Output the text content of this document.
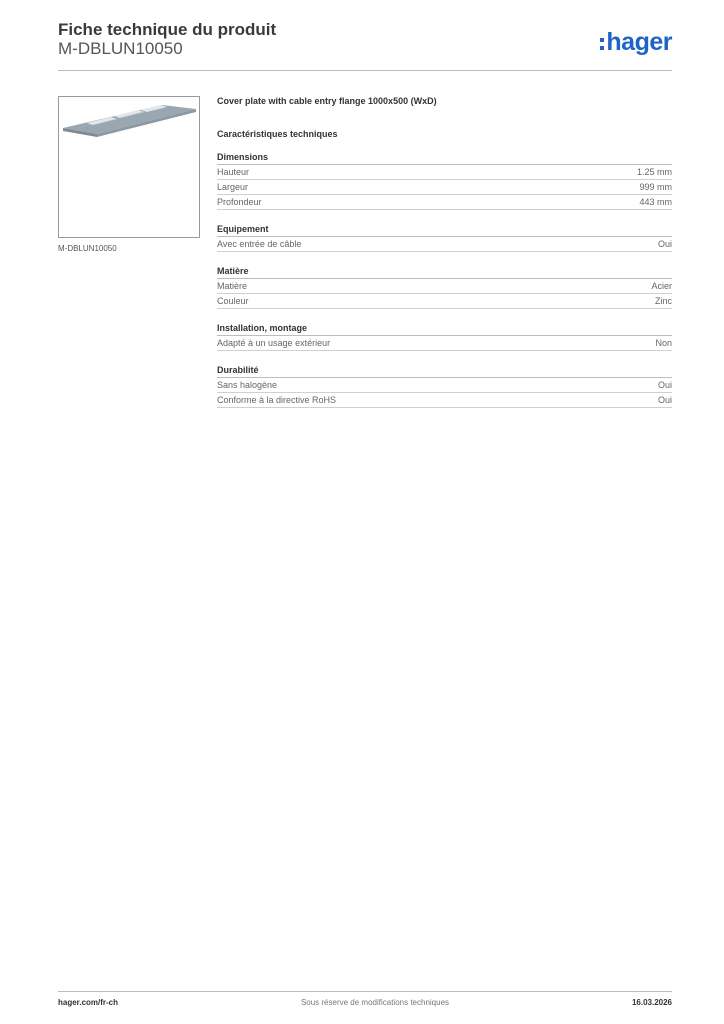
Fiche technique du produit
M-DBLUN10050	hager
M-DBLUN10050
Cover plate with cable entry flange 1000x500 (WxD)
Caractéristiques techniques
Dimensions
Hauteur	1.25 mm
Largeur	999 mm
Profondeur	443 mm
Equipement
Avec entrée de câble	Oui
Matière
Matière	Acier
Couleur	Zinc
Installation, montage
Adapté à un usage extérieur	Non
Durabilité
Sans halogène	Oui
Conforme à la directive RoHS	Oui
hager.com/fr-ch	Sous réserve de modifications techniques	16.03.2026
